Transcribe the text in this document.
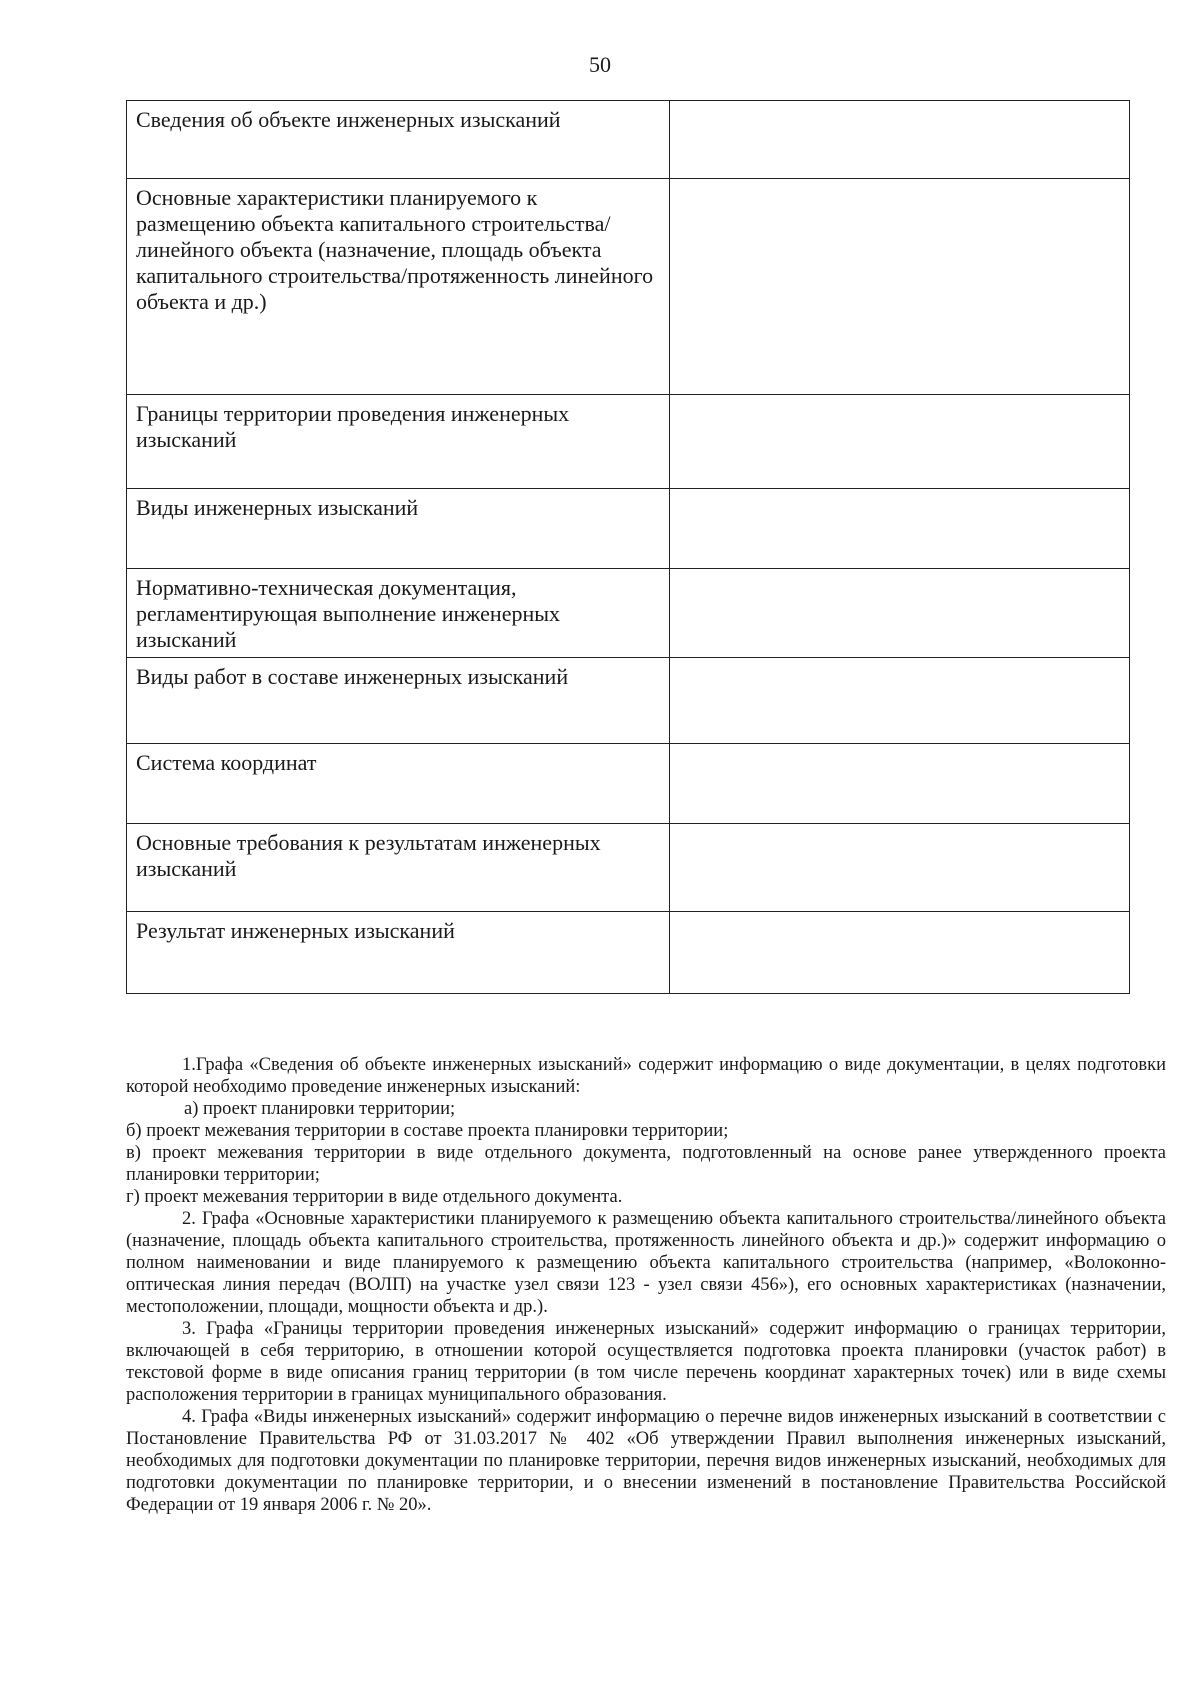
50
Сведения об объекте инженерных изысканий	
Основные характеристики планируемого к размещению объекта капитального строительства/линейного объекта (назначение, площадь объекта капитального строительства/протяженность линейного объекта и др.)	
Границы территории проведения инженерных изысканий	
Виды инженерных изысканий	
Нормативно-техническая документация, регламентирующая выполнение инженерных изысканий	
Виды работ в составе инженерных изысканий	
Система координат	
Основные требования к результатам инженерных изысканий	
Результат инженерных изысканий	

1.Графа «Сведения об объекте инженерных изысканий» содержит информацию о виде документации, в целях подготовки которой необходимо проведение инженерных изысканий:

а) проект планировки территории;

б) проект межевания территории в составе проекта планировки территории;

в) проект межевания территории в виде отдельного документа, подготовленный на основе ранее утвержденного проекта планировки территории;

г) проект межевания территории в виде отдельного документа.

2. Графа «Основные характеристики планируемого к размещению объекта капитального строительства/линейного объекта (назначение, площадь объекта капитального строительства, протяженность линейного объекта и др.)» содержит информацию о полном наименовании и виде планируемого к размещению объекта капитального строительства (например, «Волоконно-оптическая линия передач (ВОЛП) на участке узел связи 123 - узел связи 456»), его основных характеристиках (назначении, местоположении, площади, мощности объекта и др.).

3. Графа «Границы территории проведения инженерных изысканий» содержит информацию о границах территории, включающей в себя территорию, в отношении которой осуществляется подготовка проекта планировки (участок работ) в текстовой форме в виде описания границ территории (в том числе перечень координат характерных точек) или в виде схемы расположения территории в границах муниципального образования.

4. Графа «Виды инженерных изысканий» содержит информацию о перечне видов инженерных изысканий в соответствии с Постановление Правительства РФ от 31.03.2017 № 402 «Об утверждении Правил выполнения инженерных изысканий, необходимых для подготовки документации по планировке территории, перечня видов инженерных изысканий, необходимых для подготовки документации по планировке территории, и о внесении изменений в постановление Правительства Российской Федерации от 19 января 2006 г. № 20».
